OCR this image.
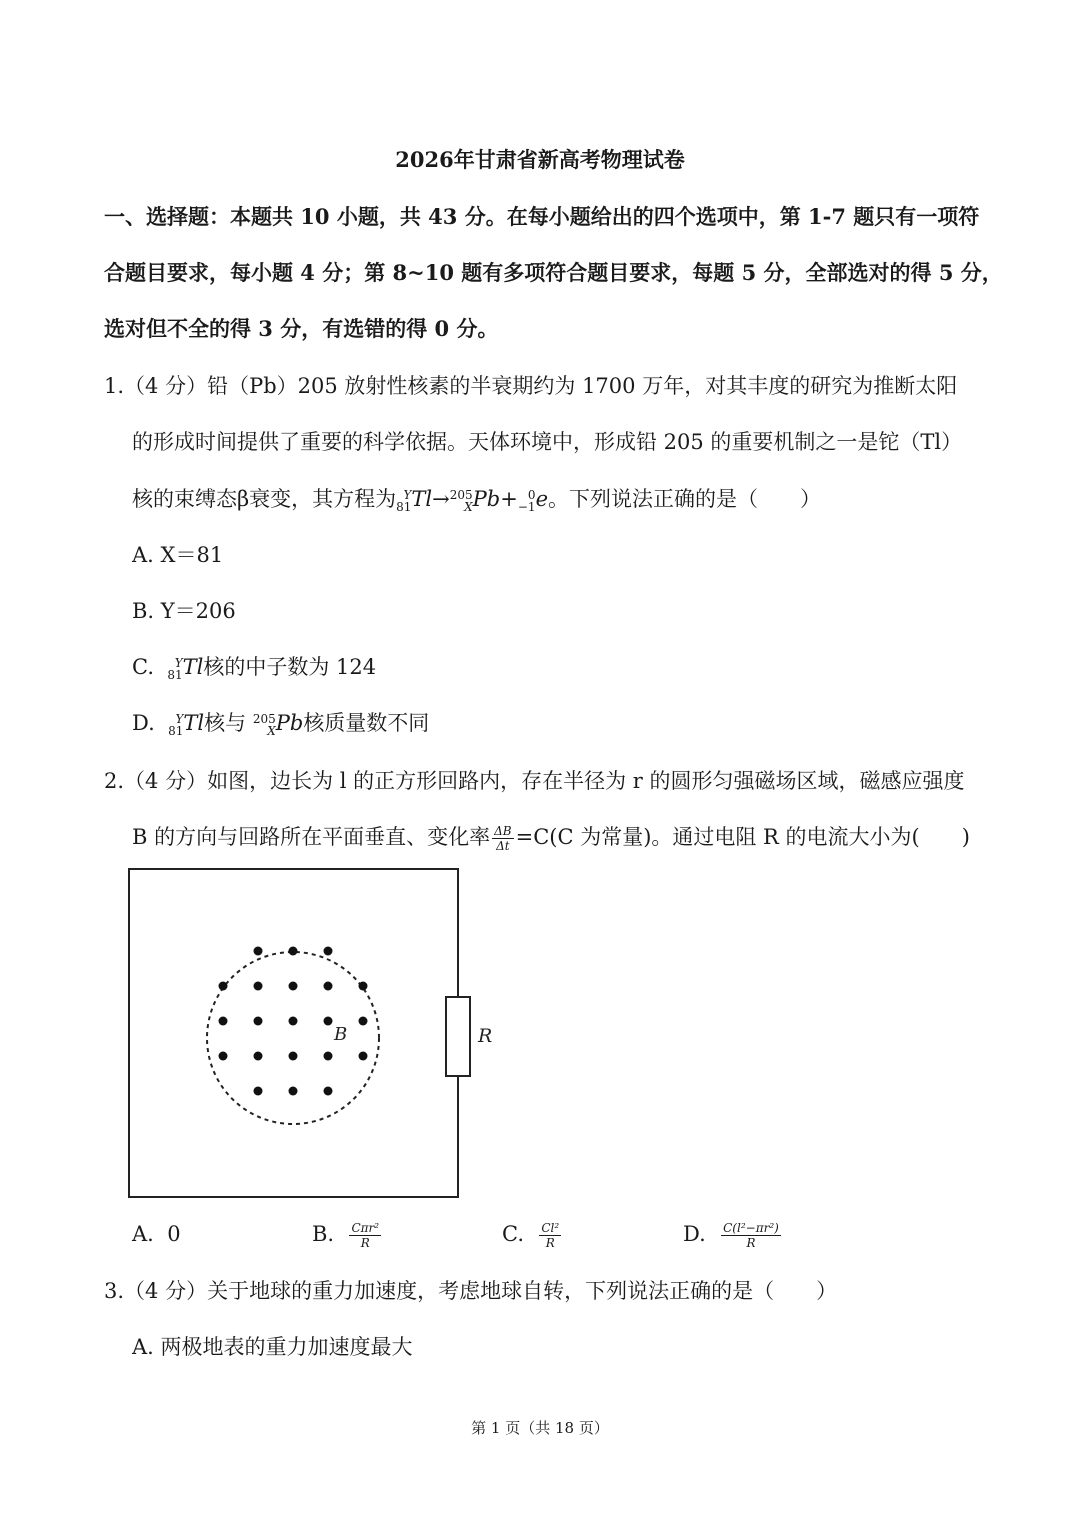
2026年甘肃省新高考物理试卷
一、选择题：本题共 10 小题，共 43 分。在每小题给出的四个选项中，第 1-7 题只有一项符
合题目要求，每小题 4 分；第 8~10 题有多项符合题目要求，每题 5 分，全部选对的得 5 分，
选对但不全的得 3 分，有选错的得 0 分。
1.（4 分）铅（Pb）205 放射性核素的半衰期约为 1700 万年，对其丰度的研究为推断太阳
的形成时间提供了重要的科学依据。天体环境中，形成铅 205 的重要机制之一是铊（Tl）
核的束缚态β衰变，其方程为 Y
81 Tl→ 205
X Pb+ 0
−1 e。下列说法正确的是（　　）
A. X＝81
B. Y＝206
C.	Y
81 Tl核的中子数为 124
D.	Y
81 Tl核与 205
X Pb核质量数不同
2.（4 分）如图，边长为 l 的正方形回路内，存在半径为 r 的圆形匀强磁场区域，磁感应强度
B 的方向与回路所在平面垂直、变化率 $\frac{\Delta B}{\Delta t} =C(C$ 为常量)。通过电阻 R 的电流大小为(　　)
R
B
A. 0	B. $\frac{\text{Cπr²}}{R}$	C. $\frac{\text{Cl²}}{R}$	D. $\frac{\text{C(l²−πr²)}}{R}$
3.（4 分）关于地球的重力加速度，考虑地球自转，下列说法正确的是（　　）
A. 两极地表的重力加速度最大
第 1 页（共 18 页）
